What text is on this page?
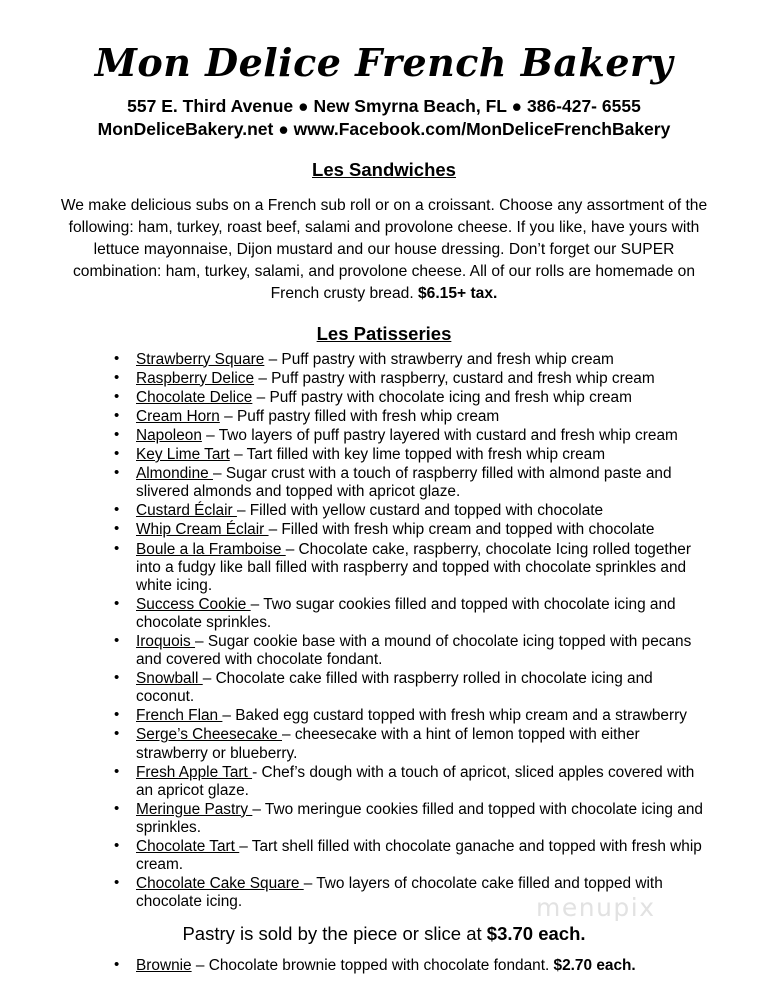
Mon Delice French Bakery
557 E. Third Avenue ● New Smyrna Beach, FL ● 386-427- 6555
MonDeliceBakery.net ● www.Facebook.com/MonDeliceFrenchBakery
Les Sandwiches

We make delicious subs on a French sub roll or on a croissant. Choose any assortment of the following: ham, turkey, roast beef, salami and provolone cheese. If you like, have yours with lettuce mayonnaise, Dijon mustard and our house dressing. Don’t forget our SUPER combination: ham, turkey, salami, and provolone cheese. All of our rolls are homemade on French crusty bread. $6.15+ tax.

Les Patisseries
• Strawberry Square – Puff pastry with strawberry and fresh whip cream
• Raspberry Delice – Puff pastry with raspberry, custard and fresh whip cream
• Chocolate Delice – Puff pastry with chocolate icing and fresh whip cream
• Cream Horn – Puff pastry filled with fresh whip cream
• Napoleon – Two layers of puff pastry layered with custard and fresh whip cream
• Key Lime Tart – Tart filled with key lime topped with fresh whip cream
• Almondine – Sugar crust with a touch of raspberry filled with almond paste and slivered almonds and topped with apricot glaze.
• Custard Éclair – Filled with yellow custard and topped with chocolate
• Whip Cream Éclair – Filled with fresh whip cream and topped with chocolate
• Boule a la Framboise – Chocolate cake, raspberry, chocolate Icing rolled together into a fudgy like ball filled with raspberry and topped with chocolate sprinkles and white icing.
• Success Cookie – Two sugar cookies filled and topped with chocolate icing and chocolate sprinkles.
• Iroquois – Sugar cookie base with a mound of chocolate icing topped with pecans and covered with chocolate fondant.
• Snowball – Chocolate cake filled with raspberry rolled in chocolate icing and coconut.
• French Flan – Baked egg custard topped with fresh whip cream and a strawberry
• Serge’s Cheesecake – cheesecake with a hint of lemon topped with either strawberry or blueberry.
• Fresh Apple Tart - Chef’s dough with a touch of apricot, sliced apples covered with an apricot glaze.
• Meringue Pastry – Two meringue cookies filled and topped with chocolate icing and sprinkles.
• Chocolate Tart – Tart shell filled with chocolate ganache and topped with fresh whip cream.
• Chocolate Cake Square – Two layers of chocolate cake filled and topped with chocolate icing.

Pastry is sold by the piece or slice at $3.70 each.

• Brownie – Chocolate brownie topped with chocolate fondant. $2.70 each.
menupix
